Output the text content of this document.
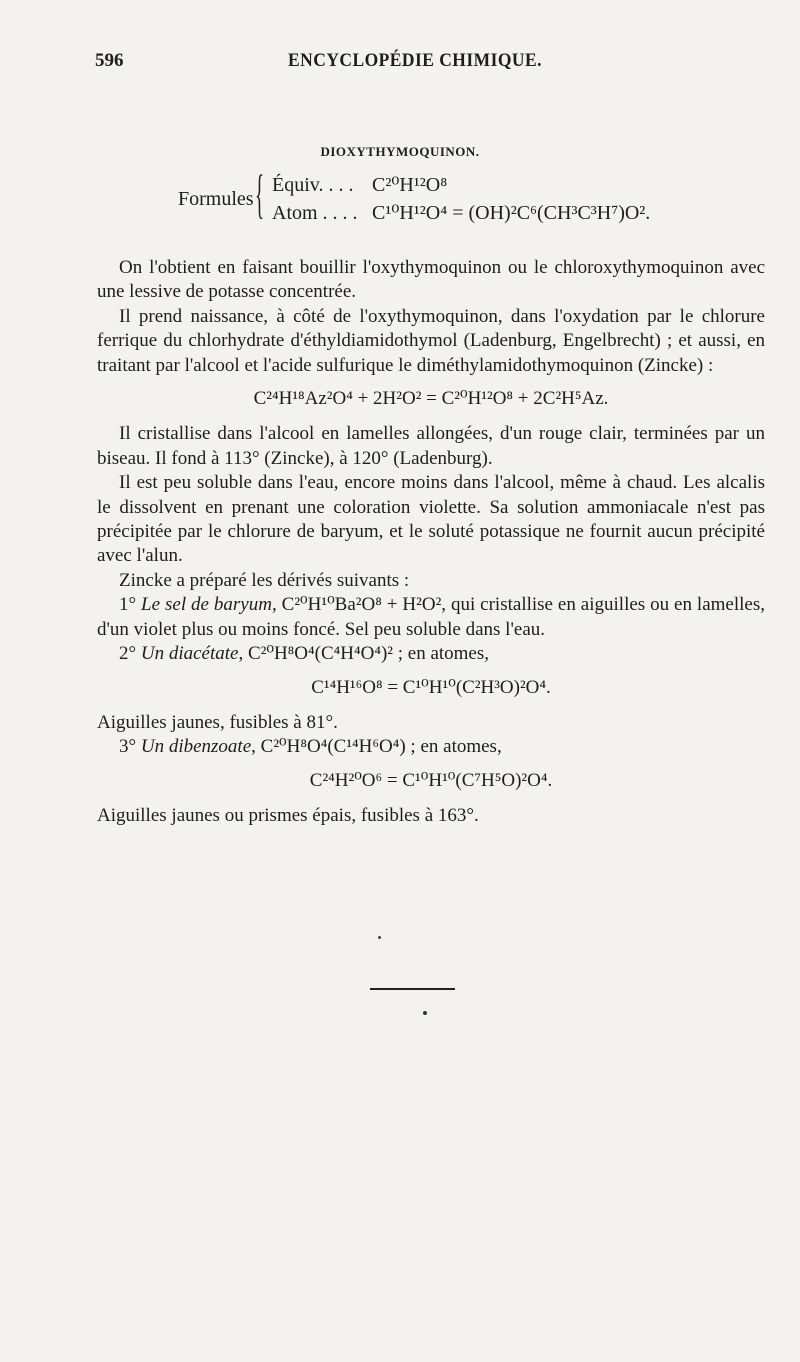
596	ENCYCLOPÉDIE CHIMIQUE.
DIOXYTHYMOQUINON.
Formules { Équiv. . . . C²⁰H¹²O⁸
Atom . . . . C¹⁰H¹²O⁴ = (OH)²C⁶(CH³C³H⁷)O².

On l'obtient en faisant bouillir l'oxythymoquinon ou le chloroxythymoquinon avec une lessive de potasse concentrée.

Il prend naissance, à côté de l'oxythymoquinon, dans l'oxydation par le chlorure ferrique du chlorhydrate d'éthyldiamidothymol (Ladenburg, Engelbrecht) ; et aussi, en traitant par l'alcool et l'acide sulfurique le diméthylamidothymoquinon (Zincke) :

C²⁴H¹⁸Az²O⁴ + 2H²O² = C²⁰H¹²O⁸ + 2C²H⁵Az.

Il cristallise dans l'alcool en lamelles allongées, d'un rouge clair, terminées par un biseau. Il fond à 113° (Zincke), à 120° (Ladenburg).

Il est peu soluble dans l'eau, encore moins dans l'alcool, même à chaud. Les alcalis le dissolvent en prenant une coloration violette. Sa solution ammoniacale n'est pas précipitée par le chlorure de baryum, et le soluté potassique ne fournit aucun précipité avec l'alun.

Zincke a préparé les dérivés suivants :

1° Le sel de baryum, C²⁰H¹⁰Ba²O⁸ + H²O², qui cristallise en aiguilles ou en lamelles, d'un violet plus ou moins foncé. Sel peu soluble dans l'eau.

2° Un diacétate, C²⁰H⁸O⁴(C⁴H⁴O⁴)² ; en atomes,

C¹⁴H¹⁶O⁸ = C¹⁰H¹⁰(C²H³O)²O⁴.

Aiguilles jaunes, fusibles à 81°.

3° Un dibenzoate, C²⁰H⁸O⁴(C¹⁴H⁶O⁴) ; en atomes,

C²⁴H²⁰O⁶ = C¹⁰H¹⁰(C⁷H⁵O)²O⁴.

Aiguilles jaunes ou prismes épais, fusibles à 163°.
